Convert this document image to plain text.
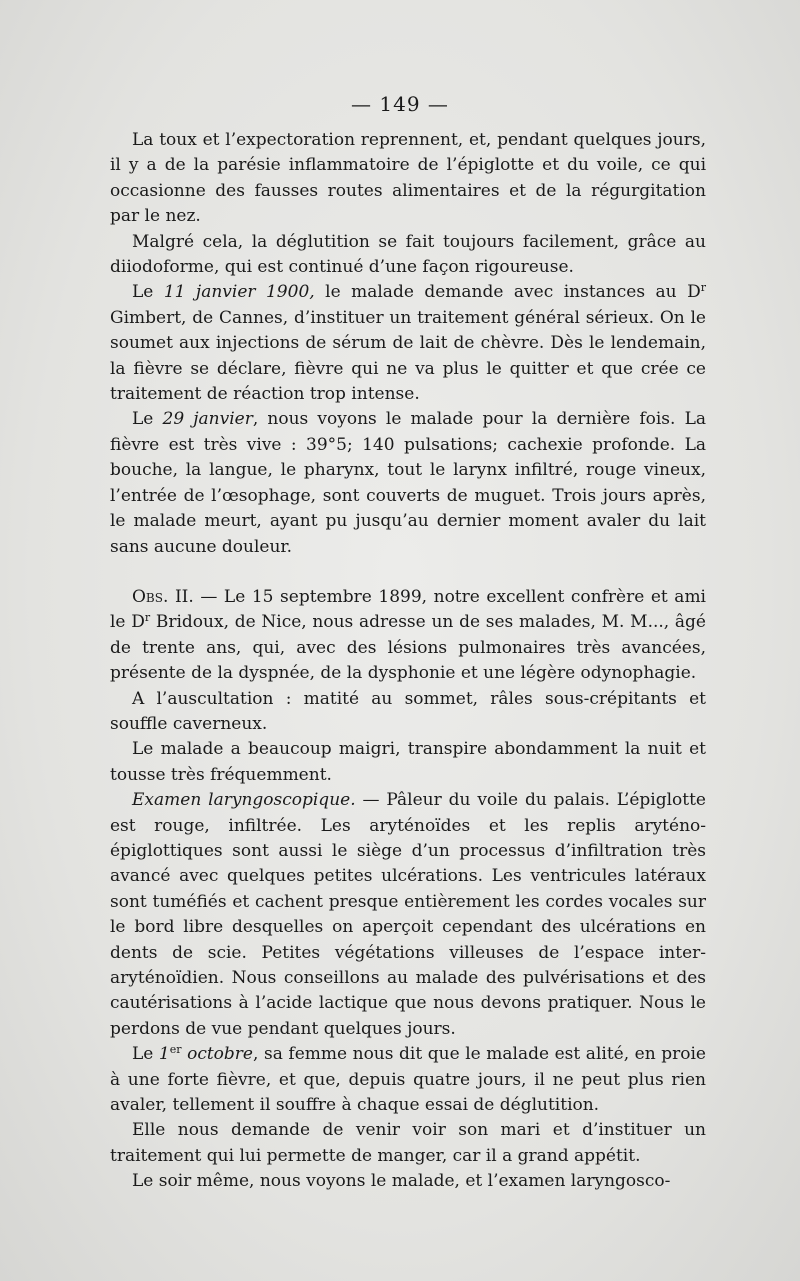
— 149 —

La toux et l’expectoration reprennent, et, pendant quelques jours, il y a de la parésie inflammatoire de l’épiglotte et du voile, ce qui occasionne des fausses routes alimentaires et de la régurgitation par le nez.

Malgré cela, la déglutition se fait toujours facilement, grâce au diiodoforme, qui est continué d’une façon rigoureuse.

Le 11 janvier 1900, le malade demande avec instances au $D^r$ Gimbert, de Cannes, d’instituer un traitement général sérieux. On le soumet aux injections de sérum de lait de chèvre. Dès le lendemain, la fièvre se déclare, fièvre qui ne va plus le quitter et que crée ce traitement de réaction trop intense.

Le 29 janvier, nous voyons le malade pour la dernière fois. La fièvre est très vive : 39°5; 140 pulsations; cachexie profonde. La bouche, la langue, le pharynx, tout le larynx infiltré, rouge vineux, l’entrée de l’œsophage, sont couverts de muguet. Trois jours après, le malade meurt, ayant pu jusqu’au dernier moment avaler du lait sans aucune douleur.

Obs. II. — Le 15 septembre 1899, notre excellent confrère et ami le $D^r$ Bridoux, de Nice, nous adresse un de ses malades, M. M..., âgé de trente ans, qui, avec des lésions pulmonaires très avancées, présente de la dyspnée, de la dysphonie et une légère odynophagie.

A l’auscultation : matité au sommet, râles sous-crépitants et souffle caverneux.

Le malade a beaucoup maigri, transpire abondamment la nuit et tousse très fréquemment.

Examen laryngoscopique. — Pâleur du voile du palais. L’épiglotte est rouge, infiltrée. Les aryténoïdes et les replis aryténo-épiglottiques sont aussi le siège d’un processus d’infiltration très avancé avec quelques petites ulcérations. Les ventricules latéraux sont tuméfiés et cachent presque entièrement les cordes vocales sur le bord libre desquelles on aperçoit cependant des ulcérations en dents de scie. Petites végétations villeuses de l’espace inter-aryténoïdien. Nous conseillons au malade des pulvérisations et des cautérisations à l’acide lactique que nous devons pratiquer. Nous le perdons de vue pendant quelques jours.

Le 1er octobre, sa femme nous dit que le malade est alité, en proie à une forte fièvre, et que, depuis quatre jours, il ne peut plus rien avaler, tellement il souffre à chaque essai de déglutition.

Elle nous demande de venir voir son mari et d’instituer un traitement qui lui permette de manger, car il a grand appétit.

Le soir même, nous voyons le malade, et l’examen laryngosco-
